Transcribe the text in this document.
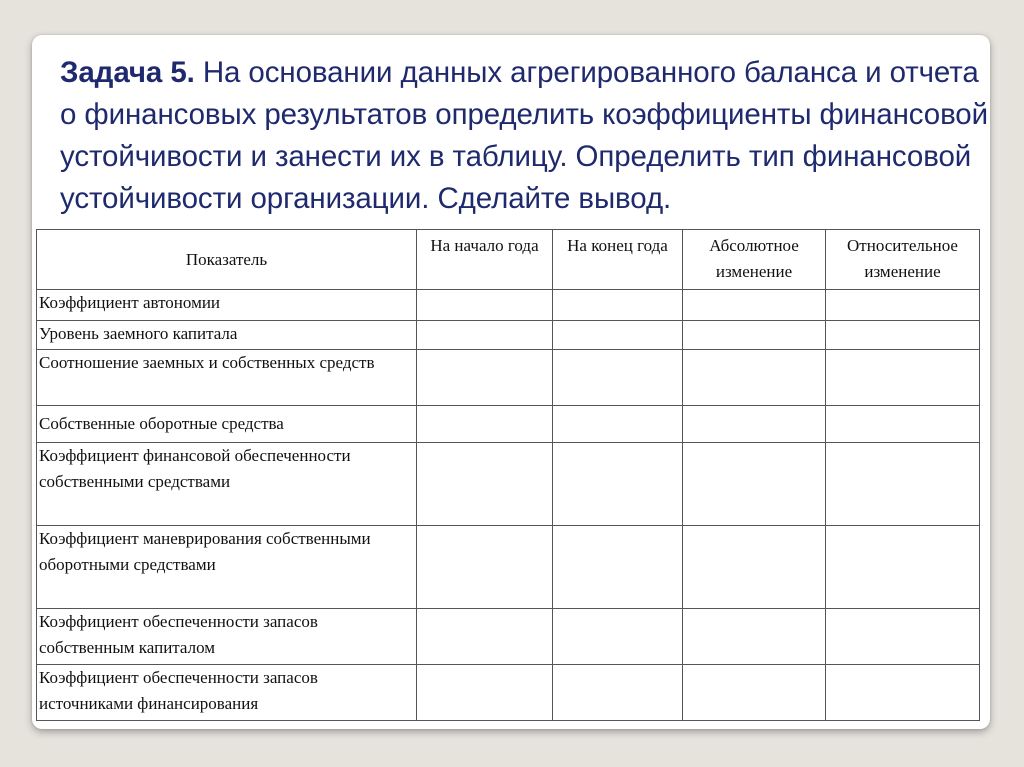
Задача 5. На основании данных агрегированного баланса и отчета о финансовых результатов определить коэффициенты финансовой устойчивости и занести их в таблицу. Определить тип финансовой устойчивости организации. Сделайте вывод.

Показатель	На начало года	На конец года	Абсолютное изменение	Относительное изменение
Коэффициент автономии				
Уровень заемного капитала				
Соотношение заемных и собственных средств				
Собственные оборотные средства				
Коэффициент финансовой обеспеченности собственными средствами				
Коэффициент маневрирования собственными оборотными средствами				
Коэффициент обеспеченности запасов собственным капиталом				
Коэффициент обеспеченности запасов источниками финансирования				
